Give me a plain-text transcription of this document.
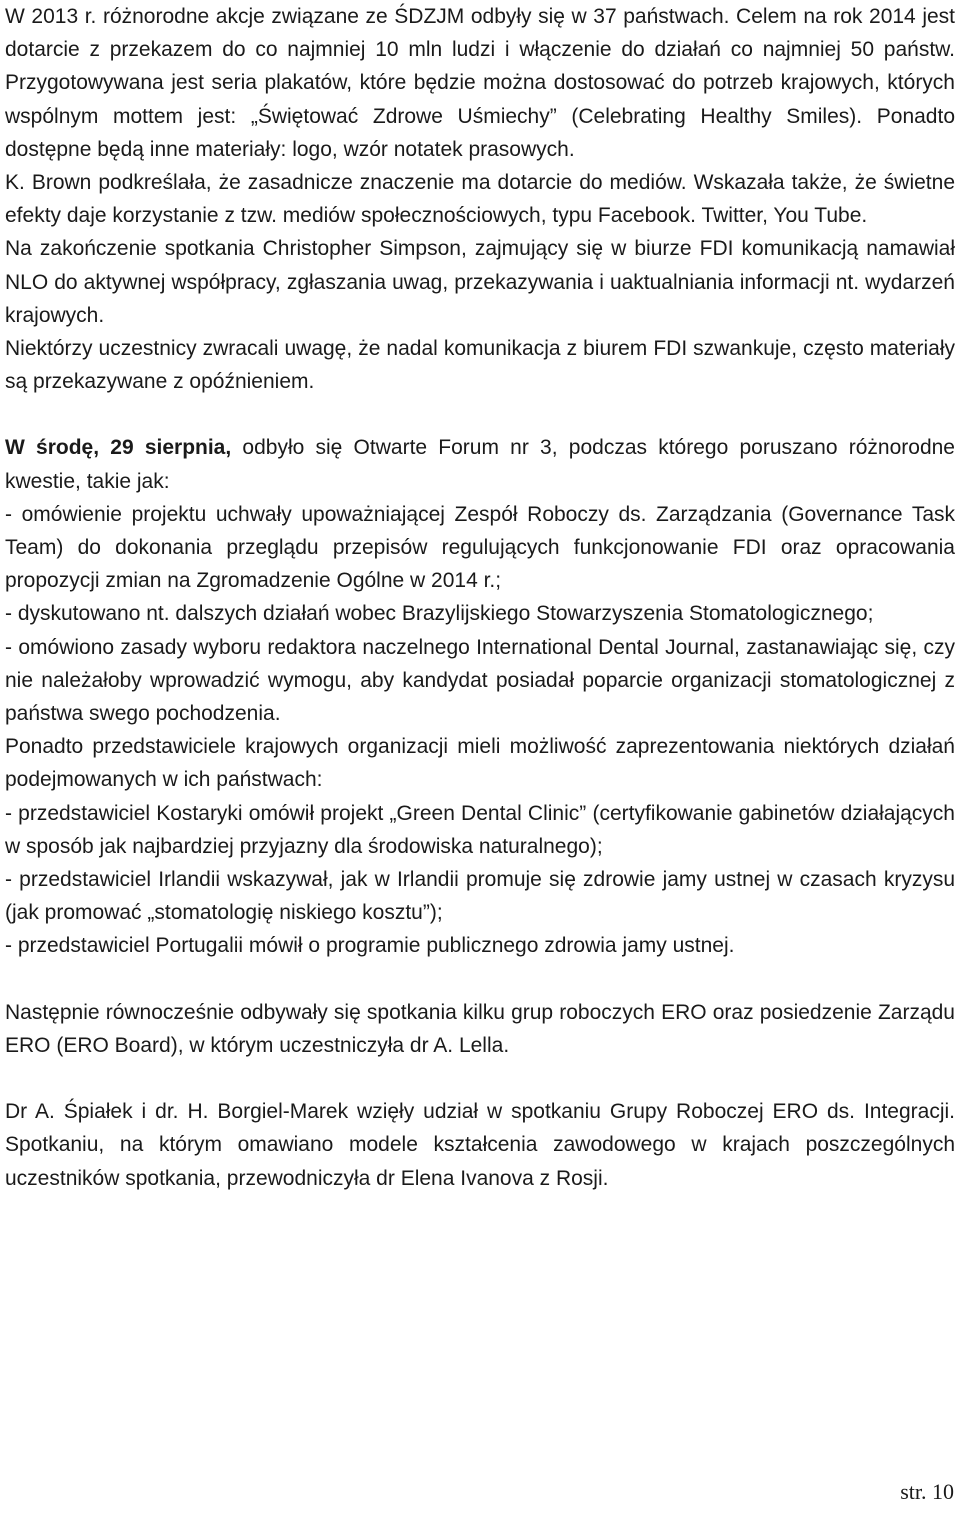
W 2013 r. różnorodne akcje związane ze ŚDZJM odbyły się w 37 państwach. Celem na rok 2014 jest dotarcie z przekazem do co najmniej 10 mln ludzi i włączenie do działań co najmniej 50 państw. Przygotowywana jest seria plakatów, które będzie można dostosować do potrzeb krajowych, których wspólnym mottem jest: „Świętować Zdrowe Uśmiechy” (Celebrating Healthy Smiles). Ponadto dostępne będą inne materiały: logo, wzór notatek prasowych.

K. Brown podkreślała, że zasadnicze znaczenie ma dotarcie do mediów. Wskazała także, że świetne efekty daje korzystanie z tzw. mediów społecznościowych, typu Facebook. Twitter, You Tube.

Na zakończenie spotkania Christopher Simpson, zajmujący się w biurze FDI komunikacją namawiał NLO do aktywnej współpracy, zgłaszania uwag, przekazywania i uaktualniania informacji nt. wydarzeń krajowych.

Niektórzy uczestnicy zwracali uwagę, że nadal komunikacja z biurem FDI szwankuje, często materiały są przekazywane z opóźnieniem.

W środę, 29 sierpnia, odbyło się Otwarte Forum nr 3, podczas którego poruszano różnorodne kwestie, takie jak:

- omówienie projektu uchwały upoważniającej Zespół Roboczy ds. Zarządzania (Governance Task Team) do dokonania przeglądu przepisów regulujących funkcjonowanie FDI oraz opracowania propozycji zmian na Zgromadzenie Ogólne w 2014 r.;

- dyskutowano nt. dalszych działań wobec Brazylijskiego Stowarzyszenia Stomatologicznego;

- omówiono zasady wyboru redaktora naczelnego International Dental Journal, zastanawiając się, czy nie należałoby wprowadzić wymogu, aby kandydat posiadał poparcie organizacji stomatologicznej z państwa swego pochodzenia.

Ponadto przedstawiciele krajowych organizacji mieli możliwość zaprezentowania niektórych działań podejmowanych w ich państwach:

- przedstawiciel Kostaryki omówił projekt „Green Dental Clinic” (certyfikowanie gabinetów działających w sposób jak najbardziej przyjazny dla środowiska naturalnego);

- przedstawiciel Irlandii wskazywał, jak w Irlandii promuje się zdrowie jamy ustnej w czasach kryzysu (jak promować „stomatologię niskiego kosztu”);

- przedstawiciel Portugalii mówił o programie publicznego zdrowia jamy ustnej.

Następnie równocześnie odbywały się spotkania kilku grup roboczych ERO oraz posiedzenie Zarządu ERO (ERO Board), w którym uczestniczyła dr A. Lella.

Dr A. Śpiałek i dr. H. Borgiel-Marek wzięły udział w spotkaniu Grupy Roboczej ERO ds. Integracji. Spotkaniu, na którym omawiano modele kształcenia zawodowego w krajach poszczególnych uczestników spotkania, przewodniczyła dr Elena Ivanova z Rosji.

str. 10
